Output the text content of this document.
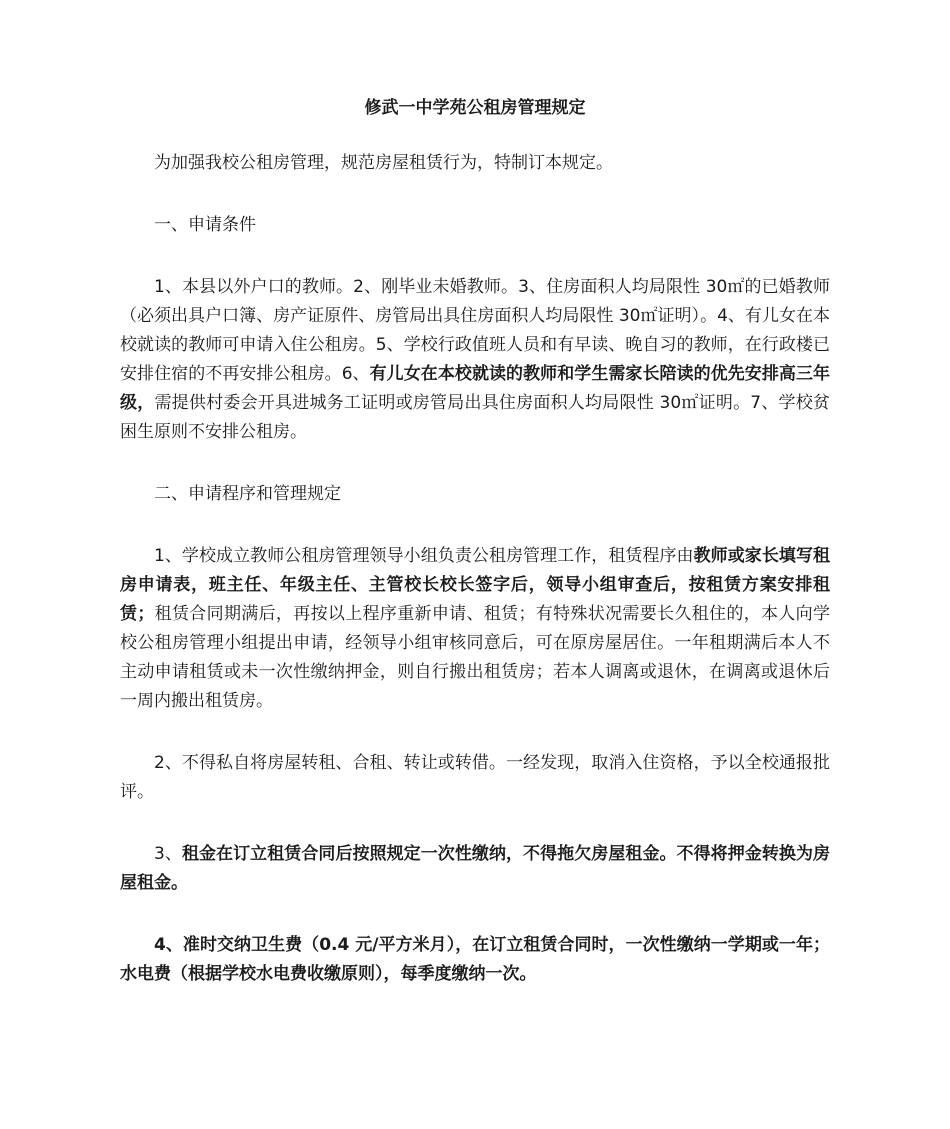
修武一中学苑公租房管理规定
为加强我校公租房管理，规范房屋租赁行为，特制订本规定。
一、申请条件
1、本县以外户口的教师。2、刚毕业未婚教师。3、住房面积人均局限性 30㎡的已婚教师（必须出具户口簿、房产证原件、房管局出具住房面积人均局限性 30㎡证明）。4、有儿女在本校就读的教师可申请入住公租房。5、学校行政值班人员和有早读、晚自习的教师，在行政楼已安排住宿的不再安排公租房。6、有儿女在本校就读的教师和学生需家长陪读的优先安排高三年级，需提供村委会开具进城务工证明或房管局出具住房面积人均局限性 30㎡证明。7、学校贫困生原则不安排公租房。
二、申请程序和管理规定
1、学校成立教师公租房管理领导小组负责公租房管理工作，租赁程序由教师或家长填写租房申请表，班主任、年级主任、主管校长校长签字后，领导小组审查后，按租赁方案安排租赁；租赁合同期满后，再按以上程序重新申请、租赁；有特殊状况需要长久租住的，本人向学校公租房管理小组提出申请，经领导小组审核同意后，可在原房屋居住。一年租期满后本人不主动申请租赁或未一次性缴纳押金，则自行搬出租赁房；若本人调离或退休，在调离或退休后一周内搬出租赁房。
2、不得私自将房屋转租、合租、转让或转借。一经发现，取消入住资格，予以全校通报批评。
3、租金在订立租赁合同后按照规定一次性缴纳，不得拖欠房屋租金。不得将押金转换为房屋租金。
4、准时交纳卫生费（0.4 元/平方米月），在订立租赁合同时，一次性缴纳一学期或一年；水电费（根据学校水电费收缴原则），每季度缴纳一次。
